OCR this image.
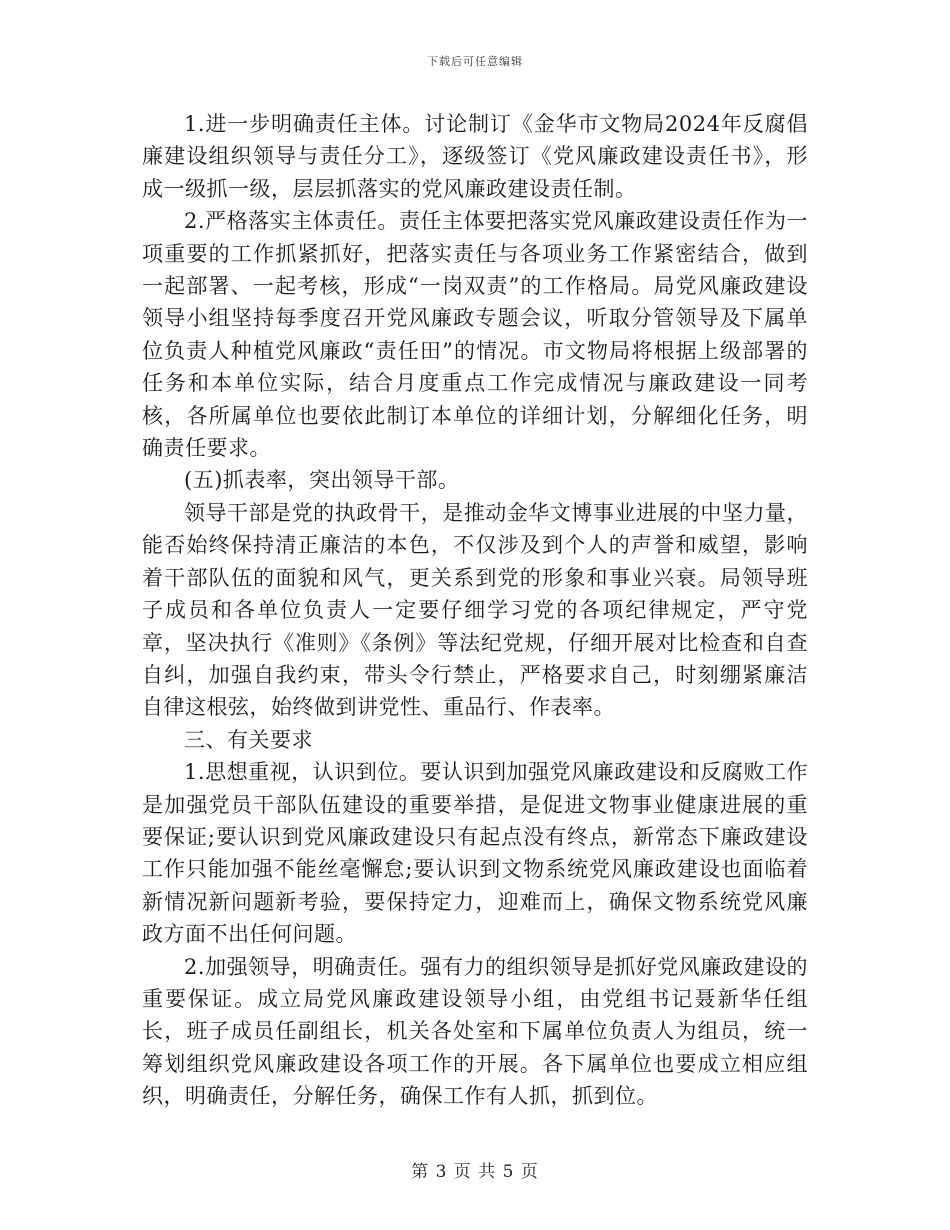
下载后可任意编辑

1.进一步明确责任主体。讨论制订《金华市文物局2024年反腐倡廉建设组织领导与责任分工》，逐级签订《党风廉政建设责任书》，形成一级抓一级，层层抓落实的党风廉政建设责任制。

2.严格落实主体责任。责任主体要把落实党风廉政建设责任作为一项重要的工作抓紧抓好，把落实责任与各项业务工作紧密结合，做到一起部署、一起考核，形成“一岗双责”的工作格局。局党风廉政建设领导小组坚持每季度召开党风廉政专题会议，听取分管领导及下属单位负责人种植党风廉政“责任田”的情况。市文物局将根据上级部署的任务和本单位实际，结合月度重点工作完成情况与廉政建设一同考核，各所属单位也要依此制订本单位的详细计划，分解细化任务，明确责任要求。

(五)抓表率，突出领导干部。

领导干部是党的执政骨干，是推动金华文博事业进展的中坚力量，能否始终保持清正廉洁的本色，不仅涉及到个人的声誉和威望，影响着干部队伍的面貌和风气，更关系到党的形象和事业兴衰。局领导班子成员和各单位负责人一定要仔细学习党的各项纪律规定，严守党章，坚决执行《准则》《条例》等法纪党规，仔细开展对比检查和自查自纠，加强自我约束，带头令行禁止，严格要求自己，时刻绷紧廉洁自律这根弦，始终做到讲党性、重品行、作表率。

三、有关要求

1.思想重视，认识到位。要认识到加强党风廉政建设和反腐败工作是加强党员干部队伍建设的重要举措，是促进文物事业健康进展的重要保证;要认识到党风廉政建设只有起点没有终点，新常态下廉政建设工作只能加强不能丝毫懈怠;要认识到文物系统党风廉政建设也面临着新情况新问题新考验，要保持定力，迎难而上，确保文物系统党风廉政方面不出任何问题。

2.加强领导，明确责任。强有力的组织领导是抓好党风廉政建设的重要保证。成立局党风廉政建设领导小组，由党组书记聂新华任组长，班子成员任副组长，机关各处室和下属单位负责人为组员，统一筹划组织党风廉政建设各项工作的开展。各下属单位也要成立相应组织，明确责任，分解任务，确保工作有人抓，抓到位。

第 3 页 共 5 页
